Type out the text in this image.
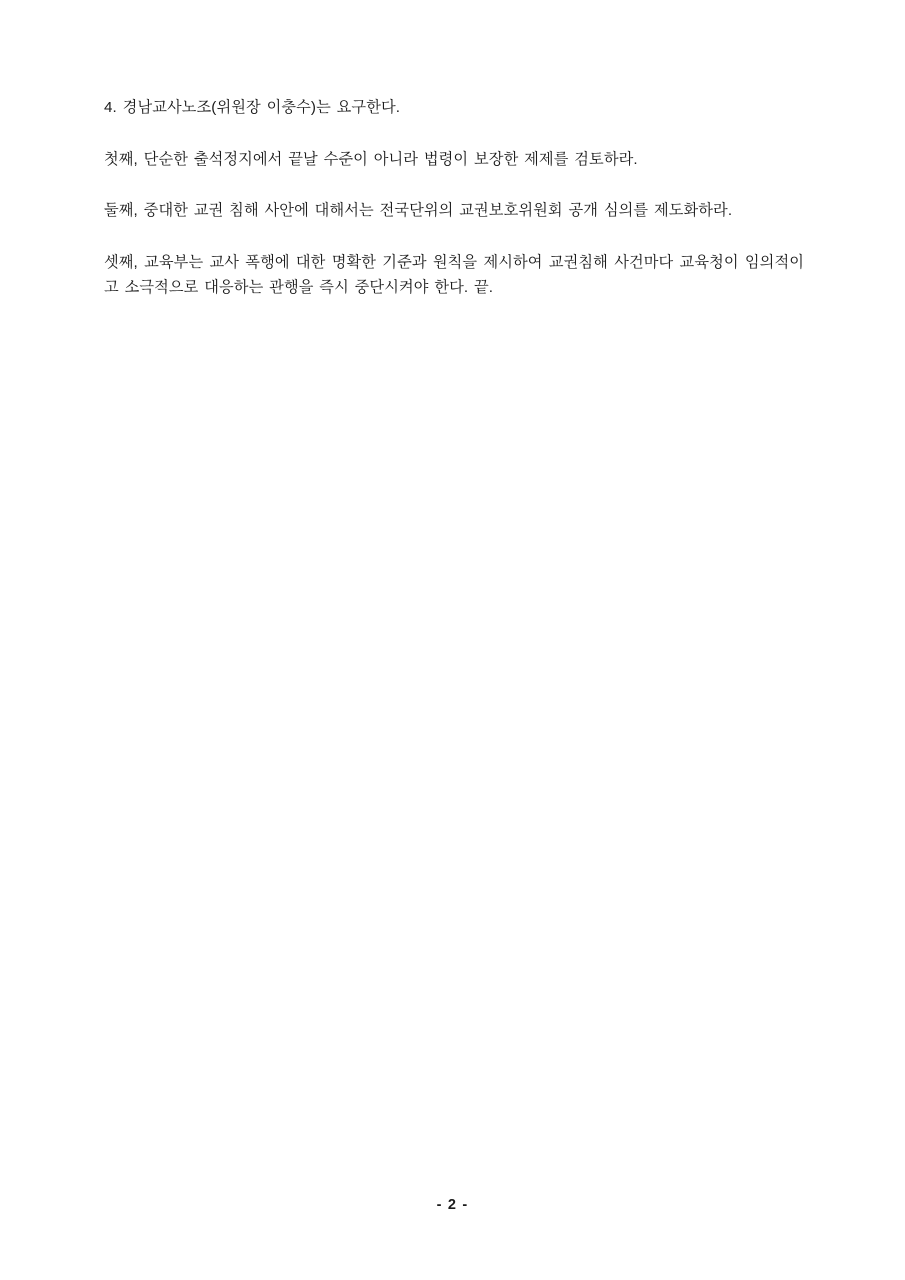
4. 경남교사노조(위원장 이충수)는 요구한다.

첫째, 단순한 출석정지에서 끝날 수준이 아니라 법령이 보장한 제제를 검토하라.

둘째, 중대한 교권 침해 사안에 대해서는 전국단위의 교권보호위원회 공개 심의를 제도화하라.

셋째, 교육부는 교사 폭행에 대한 명확한 기준과 원칙을 제시하여 교권침해 사건마다 교육청이 임의적이고 소극적으로 대응하는 관행을 즉시 중단시켜야 한다. 끝.

- 2 -
